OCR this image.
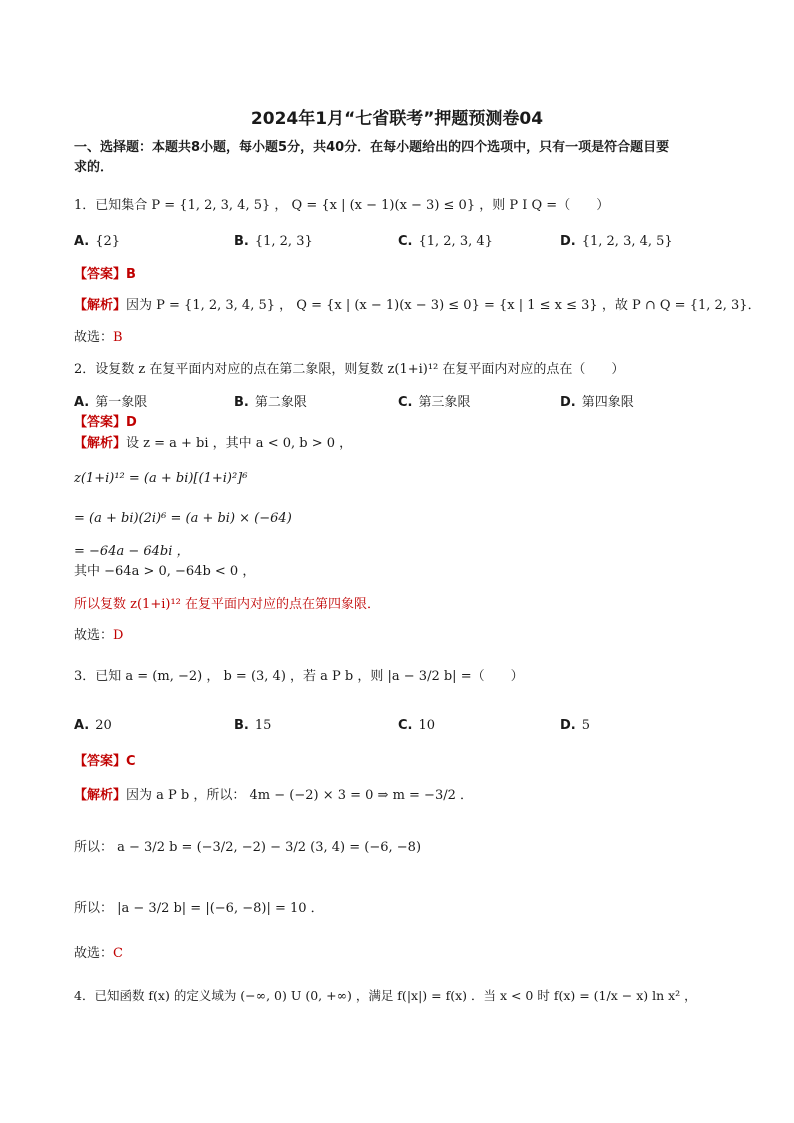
2024年1月“七省联考”押题预测卷04
一、选择题：本题共8小题，每小题5分，共40分．在每小题给出的四个选项中，只有一项是符合题目要
求的．
1．已知集合 P = {1, 2, 3, 4, 5} ， Q = {x | (x − 1)(x − 3) ≤ 0} ，则 P I Q =（　　）
A. {2}	B. {1, 2, 3}	C. {1, 2, 3, 4}	D. {1, 2, 3, 4, 5}
【答案】B
【解析】因为 P = {1, 2, 3, 4, 5} ， Q = {x | (x − 1)(x − 3) ≤ 0} = {x | 1 ≤ x ≤ 3} ，故 P ∩ Q = {1, 2, 3}．
故选：B
2．设复数 z 在复平面内对应的点在第二象限，则复数 z(1+i)¹² 在复平面内对应的点在（　　）
A. 第一象限	B. 第二象限	C. 第三象限	D. 第四象限
【答案】D
【解析】设 z = a + bi ，其中 a < 0, b > 0 ，
z(1+i)¹² = (a + bi)[(1+i)²]⁶
= (a + bi)(2i)⁶ = (a + bi) × (−64)
= −64a − 64bi ，
其中 −64a > 0, −64b < 0 ，
所以复数 z(1+i)¹² 在复平面内对应的点在第四象限．
故选：D
3．已知 a = (m, −2) ， b = (3, 4) ，若 a P b ，则 |a − 3/2 b| =（　　）
A. 20	B. 15	C. 10	D. 5
【答案】C
【解析】因为 a P b ，所以： 4m − (−2) × 3 = 0 ⇒ m = −3/2 ．
所以： a − 3/2 b = (−3/2, −2) − 3/2 (3, 4) = (−6, −8)
所以： |a − 3/2 b| = |(−6, −8)| = 10 ．
故选：C
4．已知函数 f(x) 的定义域为 (−∞, 0) U (0, +∞) ，满足 f(|x|) = f(x) ．当 x < 0 时 f(x) = (1/x − x) ln x² ，
